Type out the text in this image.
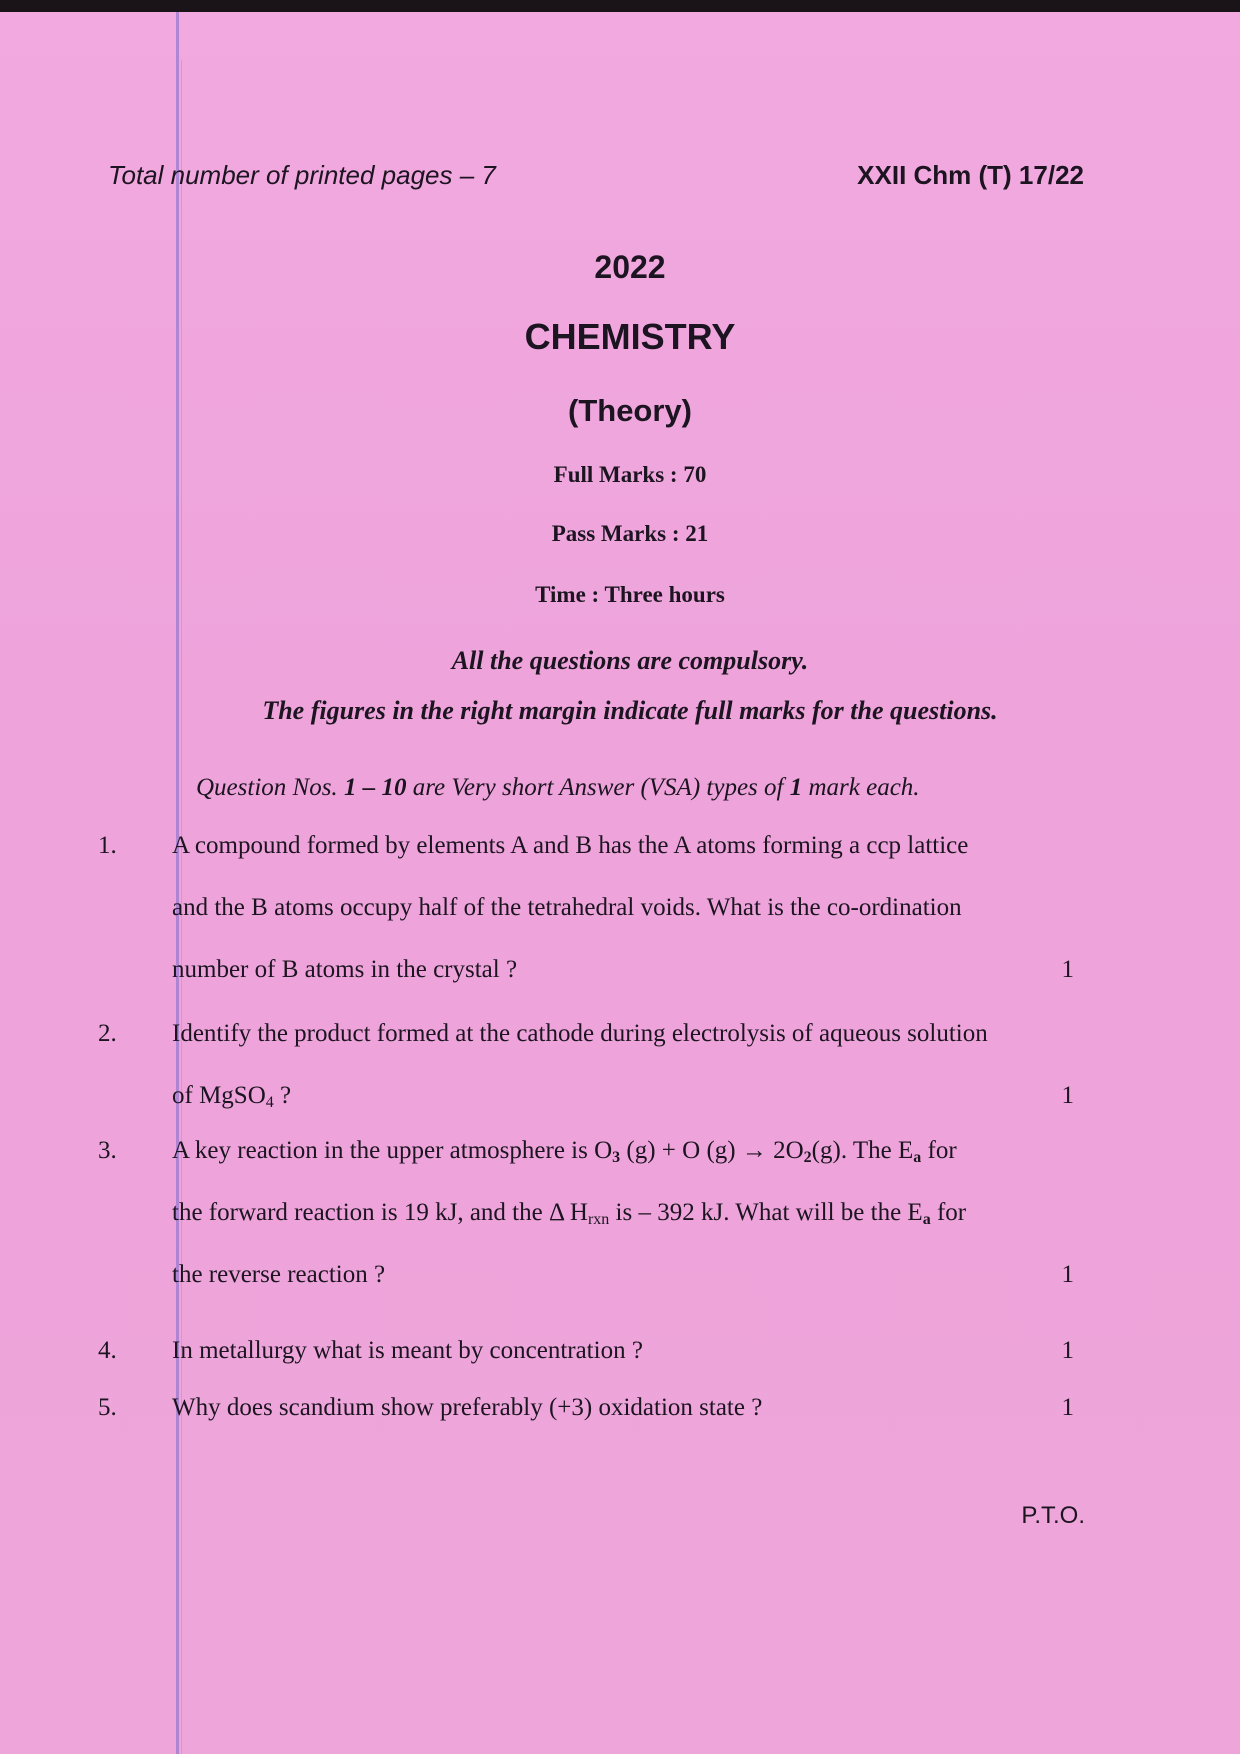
Total number of printed pages – 7	XXII Chm (T) 17/22
2022
CHEMISTRY
(Theory)
Full Marks : 70
Pass Marks : 21
Time : Three hours
All the questions are compulsory.
The figures in the right margin indicate full marks for the questions.
Question Nos. 1 – 10 are Very short Answer (VSA) types of 1 mark each.
1. A compound formed by elements A and B has the A atoms forming a ccp lattice
and the B atoms occupy half of the tetrahedral voids. What is the co-ordination
number of B atoms in the crystal ?	1
2. Identify the product formed at the cathode during electrolysis of aqueous solution
of MgSO$_4$ ?	1
3. A key reaction in the upper atmosphere is $O_3$ (g) + O $(g) \to 2O_2(g)$. The $E_a$ for
the forward reaction is 19 kJ, and the Δ $H_{rxn}$ is – 392 kJ. What will be the $E_a$ for
the reverse reaction ?	1
4. In metallurgy what is meant by concentration ?	1
5. Why does scandium show preferably (+3) oxidation state ?	1
P.T.O.
